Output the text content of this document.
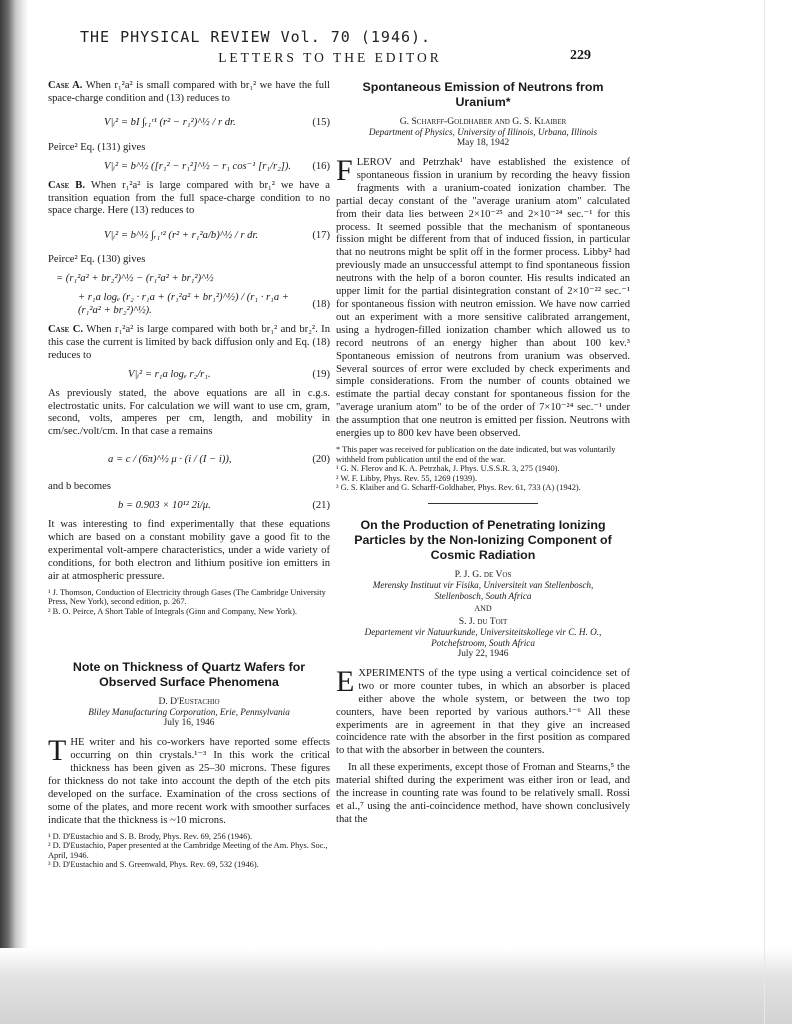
THE PHYSICAL REVIEW Vol. 70 (1946).
LETTERS TO THE EDITOR	229

Case A. When r₁²a² is small compared with br₁² we have the full space-charge condition and (13) reduces to

V|ᵢ² = bI ∫ᵣ₁ʳ¹ (r² − r₁²)^½ / r dr.	(15)

Peirce² Eq. (131) gives

V|ᵢ² = b^½ ([r₁² − r₁²]^½ − r₁ cos⁻¹ [r₁/r₂]). (16)

Case B. When r₁²a² is large compared with br₁² we have a transition equation from the full space-charge condition to no space charge. Here (13) reduces to

V|ᵢ² = b^½ ∫ᵣ₁ʳ² (r² + r₁²a/b)^½ / r dr.	(17)

Peirce² Eq. (130) gives

= (r₁²a² + br₂²)^½ − (r₁²a² + br₁²)^½
+ r₁a logₑ (r₂ · r₁a + (r₁²a² + br₁²)^½) / (r₁ · r₁a + (r₁²a² + br₂²)^½).
(18)

Case C. When r₁²a² is large compared with both br₁² and br₂². In this case the current is limited by back diffusion only and Eq. (18) reduces to

V|ᵢ² = r₁a logₑ r₂/r₁.	(19)

As previously stated, the above equations are all in c.g.s. electrostatic units. For calculation we will want to use cm, gram, second, volts, amperes per cm, length, and mobility in cm/sec./volt/cm. In that case a remains

a = c / (6π)^½ μ · (i / (I − i)),	(20)

and b becomes

b = 0.903 × 10¹² 2i/μ.	(21)

It was interesting to find experimentally that these equations which are based on a constant mobility gave a good fit to the experimental volt-ampere characteristics, under a wide variety of conditions, for both electron and lithium positive ion emitters in air at atmospheric pressure.

¹ J. Thomson, Conduction of Electricity through Gases (The Cambridge University Press, New York), second edition, p. 267.

² B. O. Peirce, A Short Table of Integrals (Ginn and Company, New York).

Note on Thickness of Quartz Wafers for Observed Surface Phenomena

D. D'Eustachio

Bliley Manufacturing Corporation, Erie, Pennsylvania

July 16, 1946

T HE writer and his co-workers have reported some effects occurring on thin crystals.¹⁻³ In this work the critical thickness has been given as 25–30 microns. These figures for thickness do not take into account the depth of the etch pits developed on the surface. Examination of the cross sections of some of the plates, and more recent work with smoother surfaces indicate that the thickness is ~10 microns.

¹ D. D'Eustachio and S. B. Brody, Phys. Rev. 69, 256 (1946).

² D. D'Eustachio, Paper presented at the Cambridge Meeting of the Am. Phys. Soc., April, 1946.

³ D. D'Eustachio and S. Greenwald, Phys. Rev. 69, 532 (1946).

Spontaneous Emission of Neutrons from Uranium*

G. Scharff-Goldhaber and G. S. Klaiber

Department of Physics, University of Illinois, Urbana, Illinois

May 18, 1942

F LEROV and Petrzhak¹ have established the existence of spontaneous fission in uranium by recording the heavy fission fragments with a uranium-coated ionization chamber. The partial decay constant of the "average uranium atom" calculated from their data lies between 2×10⁻²⁵ and 2×10⁻²⁴ sec.⁻¹ for this process. It seemed possible that the mechanism of spontaneous fission might be different from that of induced fission, in particular that no neutrons might be split off in the former process. Libby² had previously made an unsuccessful attempt to find spontaneous fission neutrons with the help of a boron counter. His results indicated an upper limit for the partial disintegration constant of 2×10⁻²² sec.⁻¹ for spontaneous fission with neutron emission. We have now carried out an experiment with a more sensitive calibrated arrangement, using a hydrogen-filled ionization chamber which allowed us to record neutrons of an energy higher than about 100 kev.³ Spontaneous emission of neutrons from uranium was observed. Several sources of error were excluded by check experiments and simple considerations. From the number of counts obtained we estimate the partial decay constant for spontaneous fission for the "average uranium atom" to be of the order of 7×10⁻²⁴ sec.⁻¹ under the assumption that one neutron is emitted per fission. Neutrons with energies up to 800 kev have been observed.

* This paper was received for publication on the date indicated, but was voluntarily withheld from publication until the end of the war.

¹ G. N. Flerov and K. A. Petrzhak, J. Phys. U.S.S.R. 3, 275 (1940).

² W. F. Libby, Phys. Rev. 55, 1269 (1939).

³ G. S. Klaiber and G. Scharff-Goldhaber, Phys. Rev. 61, 733 (A) (1942).

On the Production of Penetrating Ionizing Particles by the Non-Ionizing Component of Cosmic Radiation

P. J. G. de Vos

Merensky Instituut vir Fisika, Universiteit van Stellenbosch,

Stellenbosch, South Africa

AND

S. J. du Toit

Departement vir Natuurkunde, Universiteitskollege vir C. H. O.,

Potchefstroom, South Africa

July 22, 1946

E XPERIMENTS of the type using a vertical coincidence set of two or more counter tubes, in which an absorber is placed either above the whole system, or between the two top counters, have been reported by various authors.¹⁻⁶ All these experiments are in agreement in that they give an increased coincidence rate with the absorber in the first position as compared to that with the absorber in between the counters.

In all these experiments, except those of Froman and Stearns,⁵ the material shifted during the experiment was either iron or lead, and the increase in counting rate was found to be relatively small. Rossi et al.,⁷ using the anti-coincidence method, have shown conclusively that the
